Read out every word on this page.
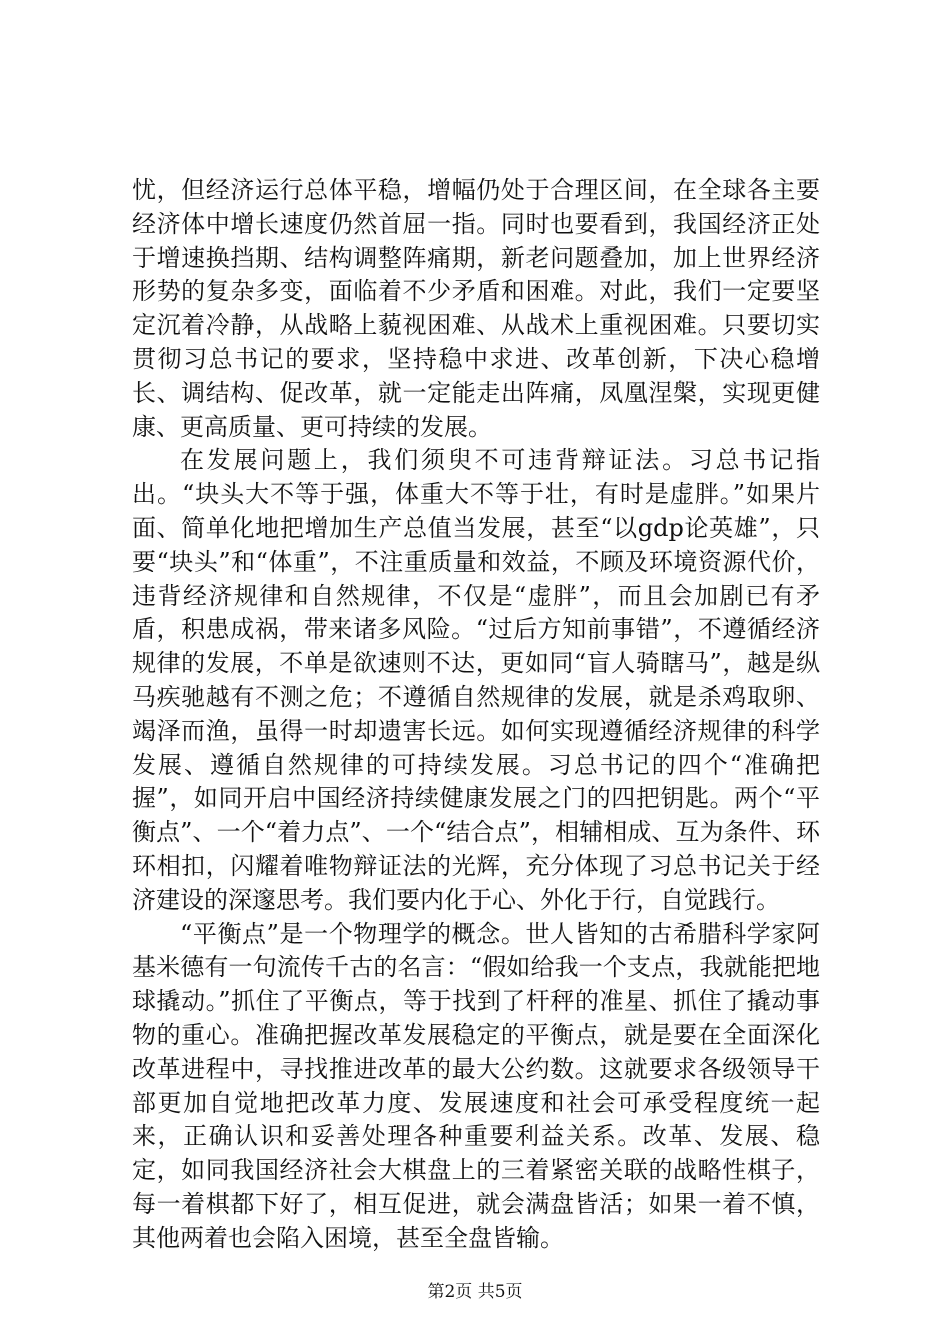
忧，但经济运行总体平稳，增幅仍处于合理区间，在全球各主要经济体中增长速度仍然首屈一指。同时也要看到，我国经济正处于增速换挡期、结构调整阵痛期，新老问题叠加，加上世界经济形势的复杂多变，面临着不少矛盾和困难。对此，我们一定要坚定沉着冷静，从战略上藐视困难、从战术上重视困难。只要切实贯彻习总书记的要求，坚持稳中求进、改革创新，下决心稳增长、调结构、促改革，就一定能走出阵痛，凤凰涅槃，实现更健康、更高质量、更可持续的发展。

在发展问题上，我们须臾不可违背辩证法。习总书记指出。“块头大不等于强，体重大不等于壮，有时是虚胖。”如果片面、简单化地把增加生产总值当发展，甚至“以gdp论英雄”，只要“块头”和“体重”，不注重质量和效益，不顾及环境资源代价，违背经济规律和自然规律，不仅是“虚胖”，而且会加剧已有矛盾，积患成祸，带来诸多风险。“过后方知前事错”，不遵循经济规律的发展，不单是欲速则不达，更如同“盲人骑瞎马”，越是纵马疾驰越有不测之危；不遵循自然规律的发展，就是杀鸡取卵、竭泽而渔，虽得一时却遗害长远。如何实现遵循经济规律的科学发展、遵循自然规律的可持续发展。习总书记的四个“准确把握”，如同开启中国经济持续健康发展之门的四把钥匙。两个“平衡点”、一个“着力点”、一个“结合点”，相辅相成、互为条件、环环相扣，闪耀着唯物辩证法的光辉，充分体现了习总书记关于经济建设的深邃思考。我们要内化于心、外化于行，自觉践行。

“平衡点”是一个物理学的概念。世人皆知的古希腊科学家阿基米德有一句流传千古的名言：“假如给我一个支点，我就能把地球撬动。”抓住了平衡点，等于找到了杆秤的准星、抓住了撬动事物的重心。准确把握改革发展稳定的平衡点，就是要在全面深化改革进程中，寻找推进改革的最大公约数。这就要求各级领导干部更加自觉地把改革力度、发展速度和社会可承受程度统一起来，正确认识和妥善处理各种重要利益关系。改革、发展、稳定，如同我国经济社会大棋盘上的三着紧密关联的战略性棋子，每一着棋都下好了，相互促进，就会满盘皆活；如果一着不慎，其他两着也会陷入困境，甚至全盘皆输。

第2页 共5页
